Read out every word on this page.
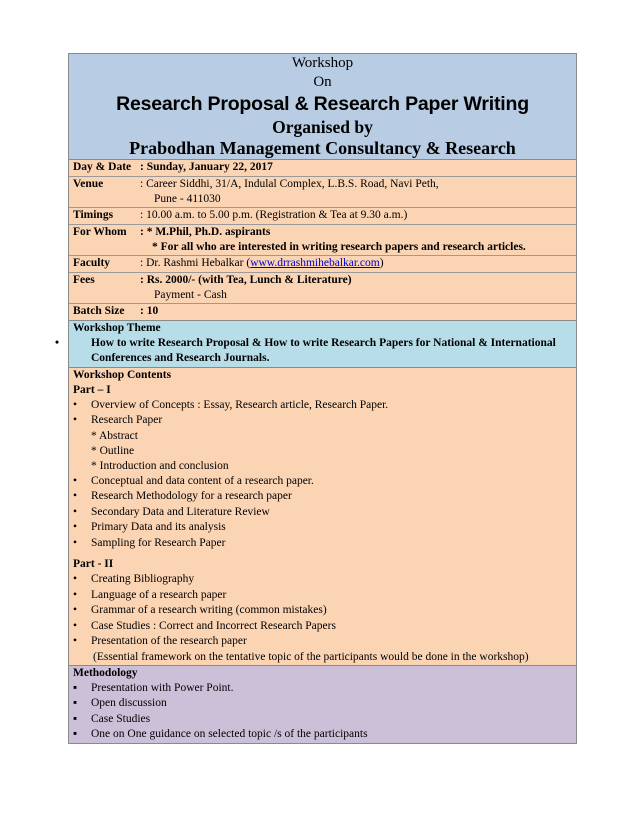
Workshop
On
Research Proposal & Research Paper Writing
Organised by
Prabodhan Management Consultancy & Research
Day & Date : Sunday, January 22, 2017
Venue	: Career Siddhi, 31/A, Indulal Complex, L.B.S. Road, Navi Peth,
Pune - 411030
Timings : 10.00 a.m. to 5.00 p.m. (Registration & Tea at 9.30 a.m.)
For Whom : * M.Phil, Ph.D. aspirants
* For all who are interested in writing research papers and research articles.
Faculty	: Dr. Rashmi Hebalkar (www.drrashmihebalkar.com)
Fees	: Rs. 2000/- (with Tea, Lunch & Literature)
Payment - Cash
Batch Size : 10
Workshop Theme
•	How to write Research Proposal & How to write Research Papers for National & International Conferences and Research Journals.
Workshop Contents
Part – I
• Overview of Concepts : Essay, Research article, Research Paper.
• Research Paper
* Abstract
* Outline
* Introduction and conclusion
• Conceptual and data content of a research paper.
• Research Methodology for a research paper
• Secondary Data and Literature Review
• Primary Data and its analysis
• Sampling for Research Paper
Part - II
• Creating Bibliography
• Language of a research paper
• Grammar of a research writing (common mistakes)
• Case Studies : Correct and Incorrect Research Papers
• Presentation of the research paper
(Essential framework on the tentative topic of the participants would be done in the workshop)
Methodology
▪ Presentation with Power Point.
▪ Open discussion
▪ Case Studies
▪ One on One guidance on selected topic /s of the participants
